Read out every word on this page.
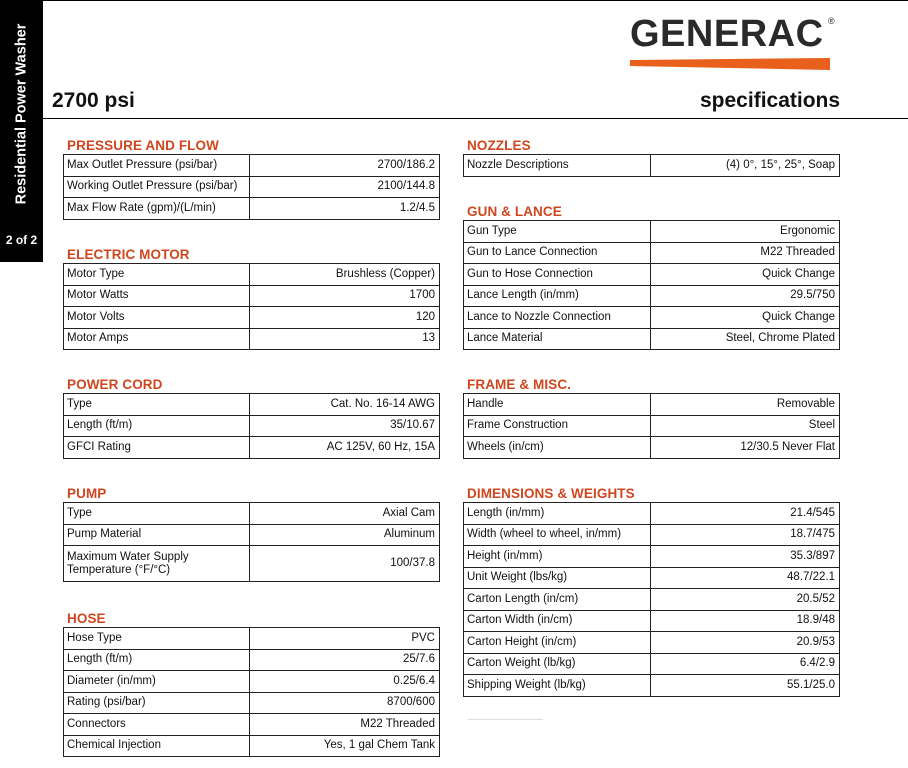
Residential Power Washer
2 of 2
GENERAC ®
2700 psi	specifications
PRESSURE AND FLOW
Max Outlet Pressure (psi/bar)	2700/186.2
Working Outlet Pressure (psi/bar)	2100/144.8
Max Flow Rate (gpm)/(L/min)	1.2/4.5
ELECTRIC MOTOR
Motor Type	Brushless (Copper)
Motor Watts	1700
Motor Volts	120
Motor Amps	13
POWER CORD
Type	Cat. No. 16-14 AWG
Length (ft/m)	35/10.67
GFCI Rating	AC 125V, 60 Hz, 15A
PUMP
Type	Axial Cam
Pump Material	Aluminum
Maximum Water Supply Temperature (°F/°C)	100/37.8
HOSE
Hose Type	PVC
Length (ft/m)	25/7.6
Diameter (in/mm)	0.25/6.4
Rating (psi/bar)	8700/600
Connectors	M22 Threaded
Chemical Injection	Yes, 1 gal Chem Tank
NOZZLES
Nozzle Descriptions	(4) 0°, 15°, 25°, Soap
GUN & LANCE
Gun Type	Ergonomic
Gun to Lance Connection	M22 Threaded
Gun to Hose Connection	Quick Change
Lance Length (in/mm)	29.5/750
Lance to Nozzle Connection	Quick Change
Lance Material	Steel, Chrome Plated
FRAME & MISC.
Handle	Removable
Frame Construction	Steel
Wheels (in/cm)	12/30.5 Never Flat
DIMENSIONS & WEIGHTS
Length (in/mm)	21.4/545
Width (wheel to wheel, in/mm)	18.7/475
Height (in/mm)	35.3/897
Unit Weight (lbs/kg)	48.7/22.1
Carton Length (in/cm)	20.5/52
Carton Width (in/cm)	18.9/48
Carton Height (in/cm)	20.9/53
Carton Weight (lb/kg)	6.4/2.9
Shipping Weight (lb/kg)	55.1/25.0
